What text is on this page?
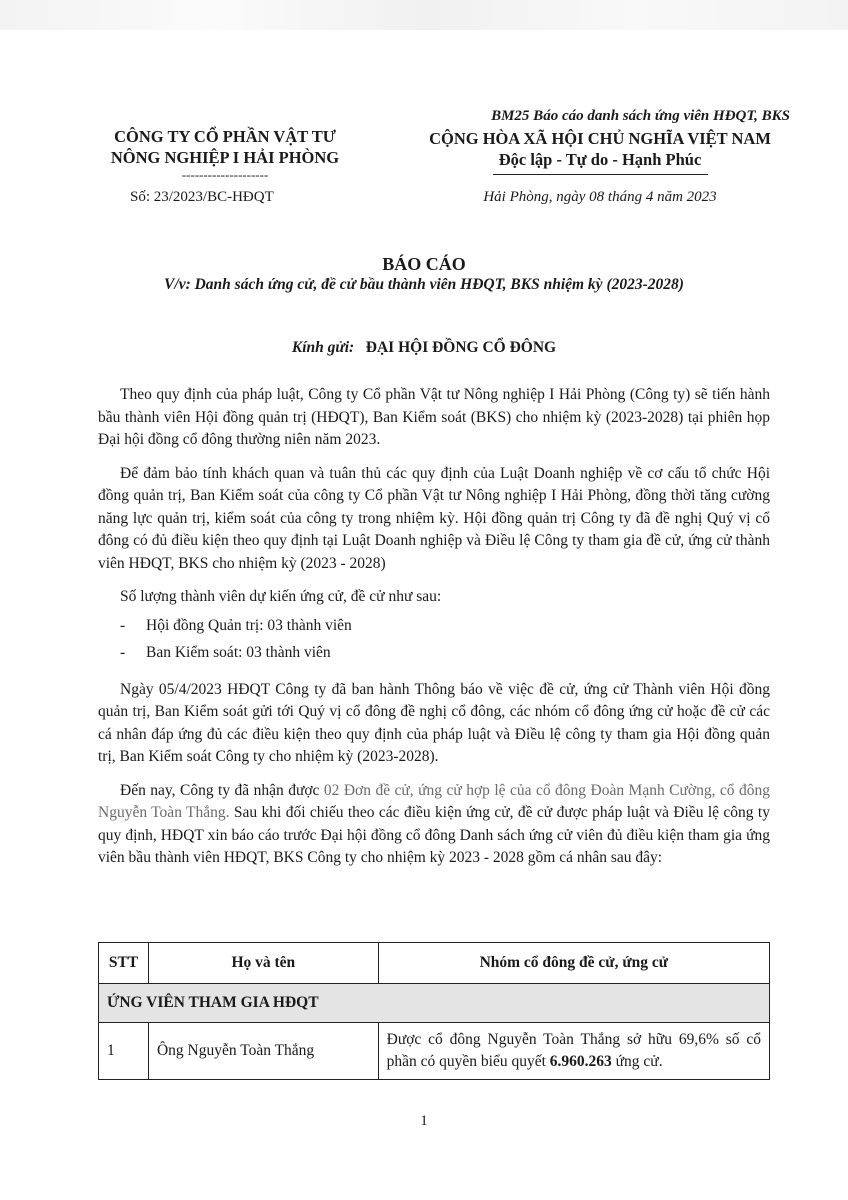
BM25 Báo cáo danh sách ứng viên HĐQT, BKS
CÔNG TY CỔ PHẦN VẬT TƯ
NÔNG NGHIỆP I HẢI PHÒNG
--------------------
Số: 23/2023/BC-HĐQT
CỘNG HÒA XÃ HỘI CHỦ NGHĨA VIỆT NAM
Độc lập - Tự do - Hạnh Phúc
Hải Phòng, ngày 08 tháng 4 năm 2023
BÁO CÁO
V/v: Danh sách ứng cử, đề cử bầu thành viên HĐQT, BKS nhiệm kỳ (2023-2028)
Kính gửi: ĐẠI HỘI ĐỒNG CỔ ĐÔNG

Theo quy định của pháp luật, Công ty Cổ phần Vật tư Nông nghiệp I Hải Phòng (Công ty) sẽ tiến hành bầu thành viên Hội đồng quản trị (HĐQT), Ban Kiểm soát (BKS) cho nhiệm kỳ (2023-2028) tại phiên họp Đại hội đồng cổ đông thường niên năm 2023.

Để đảm bảo tính khách quan và tuân thủ các quy định của Luật Doanh nghiệp về cơ cấu tổ chức Hội đồng quản trị, Ban Kiểm soát của công ty Cổ phần Vật tư Nông nghiệp I Hải Phòng, đồng thời tăng cường năng lực quản trị, kiểm soát của công ty trong nhiệm kỳ. Hội đồng quản trị Công ty đã đề nghị Quý vị cổ đông có đủ điều kiện theo quy định tại Luật Doanh nghiệp và Điều lệ Công ty tham gia đề cử, ứng cử thành viên HĐQT, BKS cho nhiệm kỳ (2023 - 2028)

Số lượng thành viên dự kiến ứng cử, đề cử như sau:

- Hội đồng Quản trị: 03 thành viên

- Ban Kiểm soát: 03 thành viên

Ngày 05/4/2023 HĐQT Công ty đã ban hành Thông báo về việc đề cử, ứng cử Thành viên Hội đồng quản trị, Ban Kiểm soát gửi tới Quý vị cổ đông đề nghị cổ đông, các nhóm cổ đông ứng cử hoặc đề cử các cá nhân đáp ứng đủ các điều kiện theo quy định của pháp luật và Điều lệ công ty tham gia Hội đồng quản trị, Ban Kiểm soát Công ty cho nhiệm kỳ (2023-2028).

Đến nay, Công ty đã nhận được 02 Đơn đề cử, ứng cử hợp lệ của cổ đông Đoàn Mạnh Cường, cổ đông Nguyễn Toàn Thắng. Sau khi đối chiếu theo các điều kiện ứng cử, đề cử được pháp luật và Điều lệ công ty quy định, HĐQT xin báo cáo trước Đại hội đồng cổ đông Danh sách ứng cử viên đủ điều kiện tham gia ứng viên bầu thành viên HĐQT, BKS Công ty cho nhiệm kỳ 2023 - 2028 gồm cá nhân sau đây:

STT	Họ và tên	Nhóm cổ đông đề cử, ứng cử
ỨNG VIÊN THAM GIA HĐQT		
1	Ông Nguyễn Toàn Thắng	Được cổ đông Nguyễn Toàn Thắng sở hữu 69,6% số cổ phần có quyền biểu quyết 6.960.263 ứng cử.
1
